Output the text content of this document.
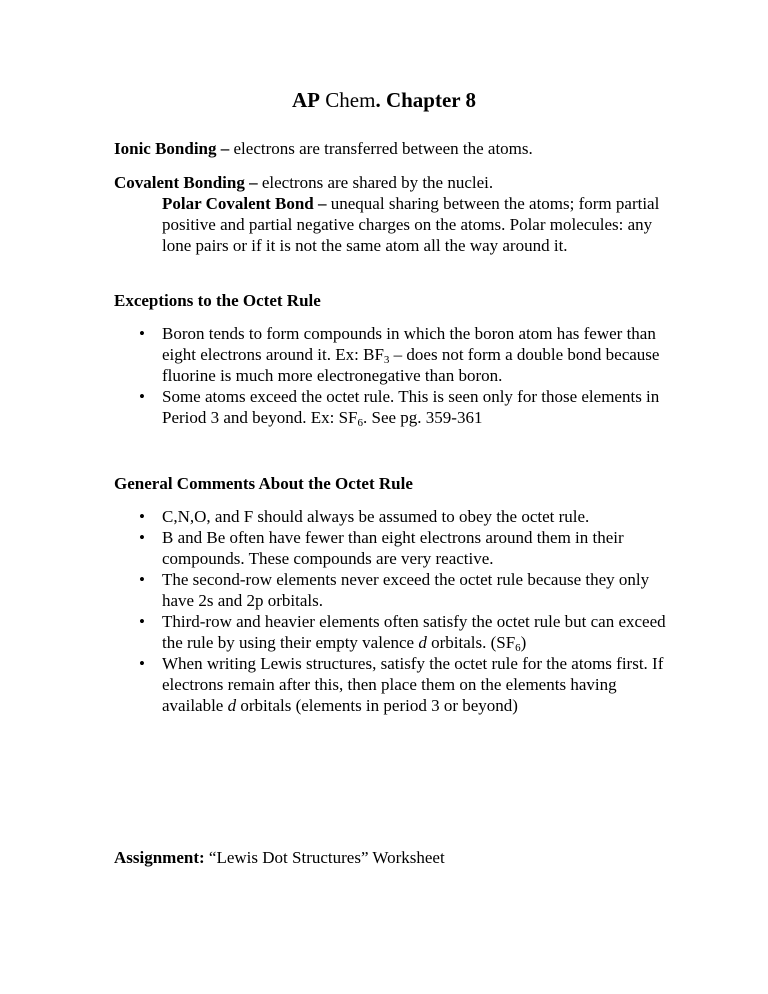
AP Chem. Chapter 8

Ionic Bonding – electrons are transferred between the atoms.

Covalent Bonding – electrons are shared by the nuclei.

Polar Covalent Bond – unequal sharing between the atoms; form partial positive and partial negative charges on the atoms. Polar molecules: any lone pairs or if it is not the same atom all the way around it.

Exceptions to the Octet Rule

• Boron tends to form compounds in which the boron atom has fewer than eight electrons around it. Ex: $BF_3$ – does not form a double bond because fluorine is much more electronegative than boron.
• Some atoms exceed the octet rule. This is seen only for those elements in Period 3 and beyond. Ex: $SF_6$. See pg. 359-361

General Comments About the Octet Rule

• C,N,O, and F should always be assumed to obey the octet rule.
• B and Be often have fewer than eight electrons around them in their compounds. These compounds are very reactive.
• The second-row elements never exceed the octet rule because they only have 2s and 2p orbitals.
• Third-row and heavier elements often satisfy the octet rule but can exceed the rule by using their empty valence d orbitals. $(SF_6)$
• When writing Lewis structures, satisfy the octet rule for the atoms first. If electrons remain after this, then place them on the elements having available d orbitals (elements in period 3 or beyond)

Assignment: “Lewis Dot Structures” Worksheet
